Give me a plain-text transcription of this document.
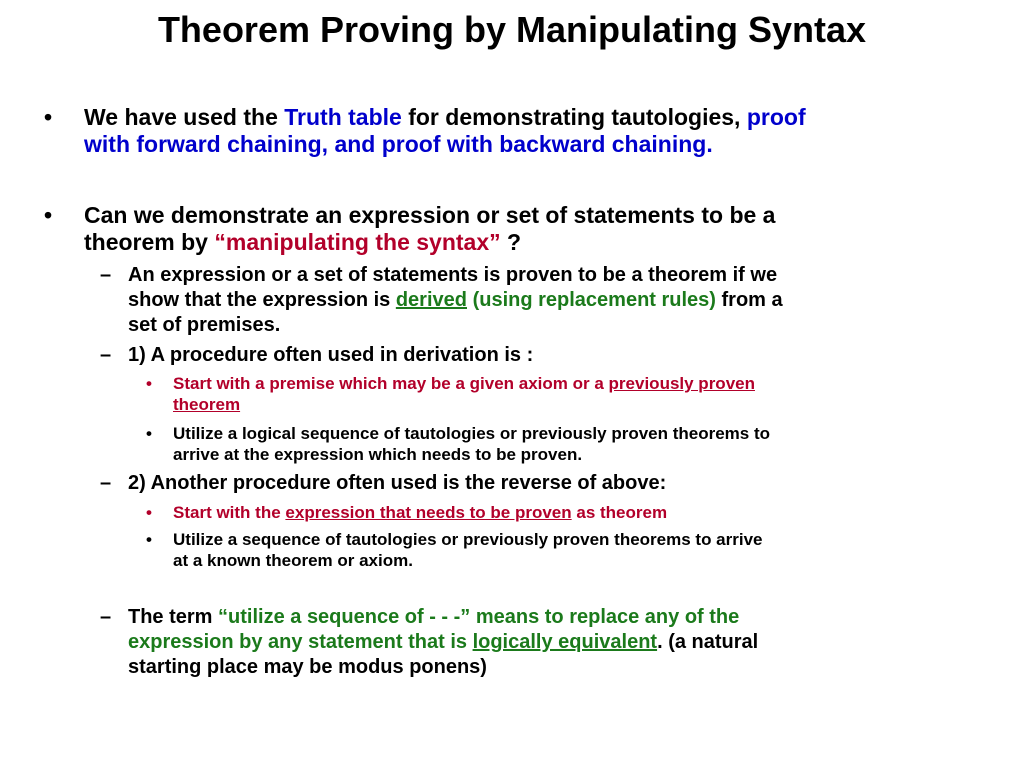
Theorem Proving by Manipulating Syntax
• We have used the Truth table for demonstrating tautologies, proof
with forward chaining, and proof with backward chaining.
• Can we demonstrate an expression or set of statements to be a
theorem by “manipulating the syntax” ?
– An expression or a set of statements is proven to be a theorem if we
show that the expression is derived (using replacement rules) from a
set of premises.
– 1) A procedure often used in derivation is :
• Start with a premise which may be a given axiom or a previously proven
theorem
• Utilize a logical sequence of tautologies or previously proven theorems to
arrive at the expression which needs to be proven.
– 2) Another procedure often used is the reverse of above:
• Start with the expression that needs to be proven as theorem
• Utilize a sequence of tautologies or previously proven theorems to arrive
at a known theorem or axiom.
– The term “utilize a sequence of - - -” means to replace any of the
expression by any statement that is logically equivalent. (a natural
starting place may be modus ponens)
